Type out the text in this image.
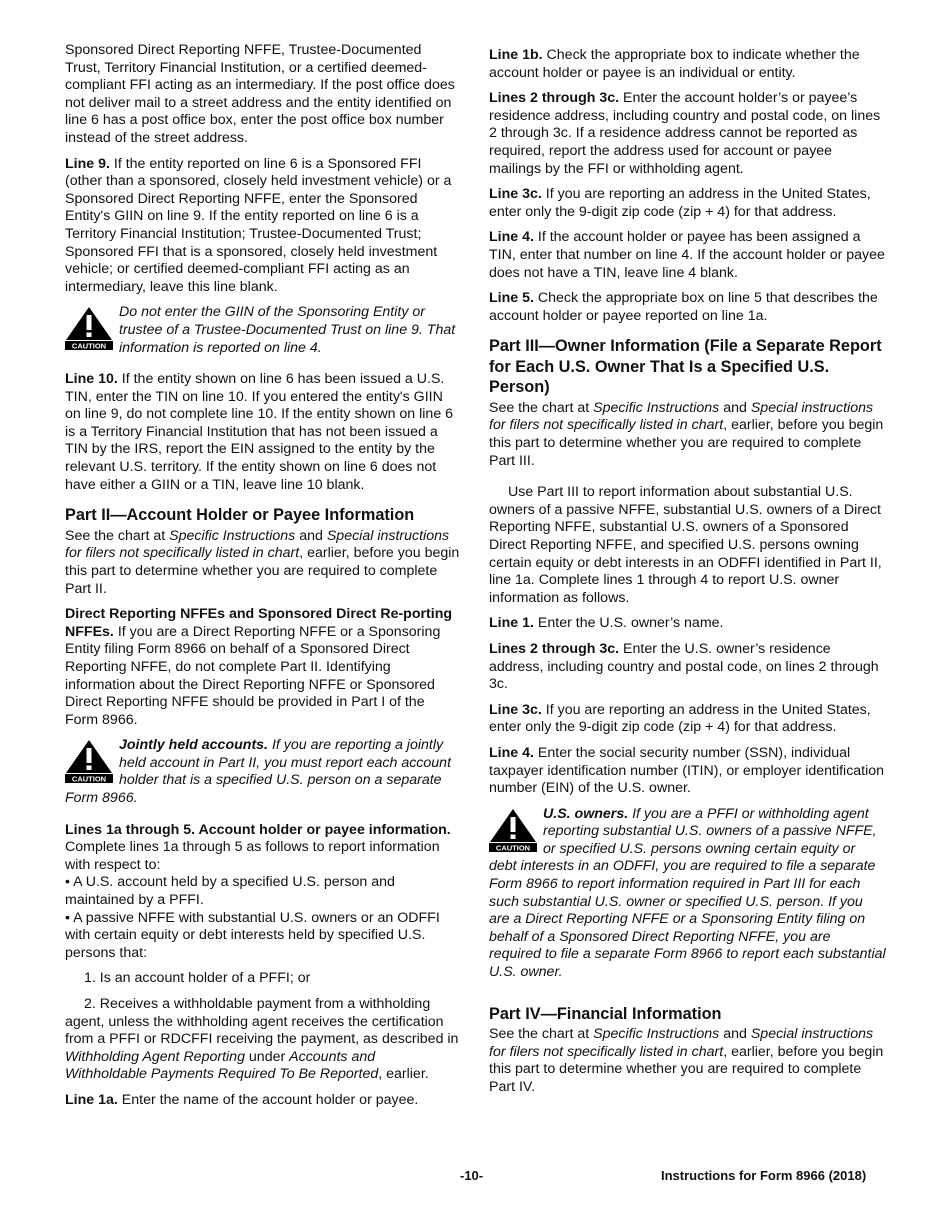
Sponsored Direct Reporting NFFE, Trustee-Documented Trust, Territory Financial Institution, or a certified deemed-compliant FFI acting as an intermediary. If the post office does not deliver mail to a street address and the entity identified on line 6 has a post office box, enter the post office box number instead of the street address.

Line 9. If the entity reported on line 6 is a Sponsored FFI (other than a sponsored, closely held investment vehicle) or a Sponsored Direct Reporting NFFE, enter the Sponsored Entity's GIIN on line 9. If the entity reported on line 6 is a Territory Financial Institution; Trustee-Documented Trust; Sponsored FFI that is a sponsored, closely held investment vehicle; or certified deemed-compliant FFI acting as an intermediary, leave this line blank.

CAUTION
Do not enter the GIIN of the Sponsoring Entity or trustee of a Trustee-Documented Trust on line 9. That information is reported on line 4.

Line 10. If the entity shown on line 6 has been issued a U.S. TIN, enter the TIN on line 10. If you entered the entity's GIIN on line 9, do not complete line 10. If the entity shown on line 6 is a Territory Financial Institution that has not been issued a TIN by the IRS, report the EIN assigned to the entity by the relevant U.S. territory. If the entity shown on line 6 does not have either a GIIN or a TIN, leave line 10 blank.

Part II—Account Holder or Payee Information

See the chart at Specific Instructions and Special instructions for filers not specifically listed in chart, earlier, before you begin this part to determine whether you are required to complete Part II.

Direct Reporting NFFEs and Sponsored Direct Re-porting NFFEs. If you are a Direct Reporting NFFE or a Sponsoring Entity filing Form 8966 on behalf of a Sponsored Direct Reporting NFFE, do not complete Part II. Identifying information about the Direct Reporting NFFE or Sponsored Direct Reporting NFFE should be provided in Part I of the Form 8966.

CAUTION
Jointly held accounts. If you are reporting a jointly held account in Part II, you must report each account holder that is a specified U.S. person on a separate Form 8966.

Lines 1a through 5. Account holder or payee information. Complete lines 1a through 5 as follows to report information with respect to:

• A U.S. account held by a specified U.S. person and maintained by a PFFI.
• A passive NFFE with substantial U.S. owners or an ODFFI with certain equity or debt interests held by specified U.S. persons that:
1. Is an account holder of a PFFI; or
2. Receives a withholdable payment from a withholding agent, unless the withholding agent receives the certification from a PFFI or RDCFFI receiving the payment, as described in Withholding Agent Reporting under Accounts and Withholdable Payments Required To Be Reported, earlier.

Line 1a. Enter the name of the account holder or payee.

Line 1b. Check the appropriate box to indicate whether the account holder or payee is an individual or entity.

Lines 2 through 3c. Enter the account holder’s or payee’s residence address, including country and postal code, on lines 2 through 3c. If a residence address cannot be reported as required, report the address used for account or payee mailings by the FFI or withholding agent.

Line 3c. If you are reporting an address in the United States, enter only the 9-digit zip code (zip + 4) for that address.

Line 4. If the account holder or payee has been assigned a TIN, enter that number on line 4. If the account holder or payee does not have a TIN, leave line 4 blank.

Line 5. Check the appropriate box on line 5 that describes the account holder or payee reported on line 1a.

Part III—Owner Information (File a Separate Report for Each U.S. Owner That Is a Specified U.S. Person)

See the chart at Specific Instructions and Special instructions for filers not specifically listed in chart, earlier, before you begin this part to determine whether you are required to complete Part III.

Use Part III to report information about substantial U.S. owners of a passive NFFE, substantial U.S. owners of a Direct Reporting NFFE, substantial U.S. owners of a Sponsored Direct Reporting NFFE, and specified U.S. persons owning certain equity or debt interests in an ODFFI identified in Part II, line 1a. Complete lines 1 through 4 to report U.S. owner information as follows.

Line 1. Enter the U.S. owner’s name.

Lines 2 through 3c. Enter the U.S. owner’s residence address, including country and postal code, on lines 2 through 3c.

Line 3c. If you are reporting an address in the United States, enter only the 9-digit zip code (zip + 4) for that address.

Line 4. Enter the social security number (SSN), individual taxpayer identification number (ITIN), or employer identification number (EIN) of the U.S. owner.

CAUTION
U.S. owners. If you are a PFFI or withholding agent reporting substantial U.S. owners of a passive NFFE, or specified U.S. persons owning certain equity or debt interests in an ODFFI, you are required to file a separate Form 8966 to report information required in Part III for each such substantial U.S. owner or specified U.S. person. If you are a Direct Reporting NFFE or a Sponsoring Entity filing on behalf of a Sponsored Direct Reporting NFFE, you are required to file a separate Form 8966 to report each substantial U.S. owner.
Part IV—Financial Information

See the chart at Specific Instructions and Special instructions for filers not specifically listed in chart, earlier, before you begin this part to determine whether you are required to complete Part IV.

-10-	Instructions for Form 8966 (2018)
